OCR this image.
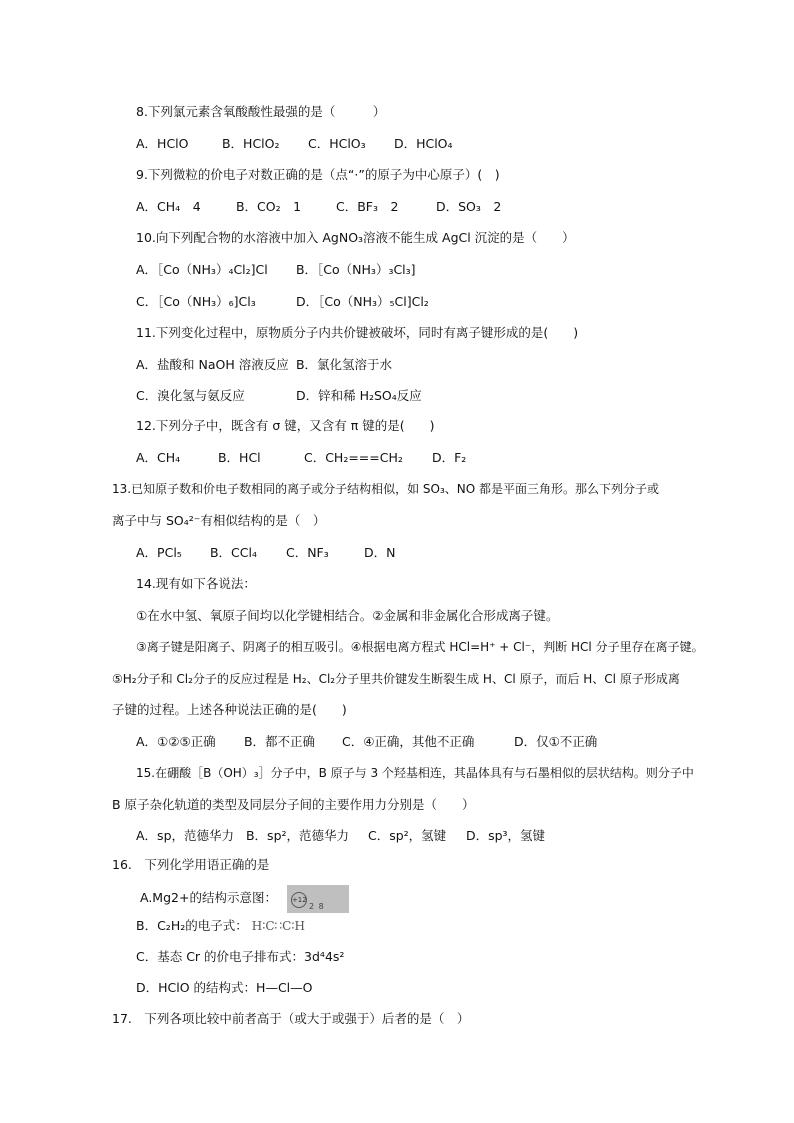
8.下列氯元素含氧酸酸性最强的是（　　　）
A．HClO	B．HClO₂ C．HClO₃ D．HClO₄
9.下列微粒的价电子对数正确的是（点“·”的原子为中心原子）(　)
A．CH₄　4	B．CO₂　1	C．BF₃　2	D．SO₃　2
10.向下列配合物的水溶液中加入 AgNO₃溶液不能生成 AgCl 沉淀的是（　　）
A．［Co（NH₃）₄Cl₂]Cl B．［Co（NH₃）₃Cl₃]
C．［Co（NH₃）₆]Cl₃	D．［Co（NH₃）₅Cl]Cl₂
11.下列变化过程中，原物质分子内共价键被破坏，同时有离子键形成的是(　　)
A．盐酸和 NaOH 溶液反应 B．氯化氢溶于水
C．溴化氢与氨反应	D．锌和稀 H₂SO₄反应
12.下列分子中，既含有 σ 键，又含有 π 键的是(　　)
A．CH₄	B．HCl	C．CH₂===CH₂ D．F₂
13.已知原子数和价电子数相同的离子或分子结构相似，如 SO₃、NO 都是平面三角形。那么下列分子或
离子中与 SO₄²⁻有相似结构的是（　）
A．PCl₅ B．CCl₄ C．NF₃	D．N
14.现有如下各说法：
①在水中氢、氧原子间均以化学键相结合。②金属和非金属化合形成离子键。
③离子键是阳离子、阴离子的相互吸引。④根据电离方程式 HCl=H⁺ + Cl⁻，判断 HCl 分子里存在离子键。
⑤H₂分子和 Cl₂分子的反应过程是 H₂、Cl₂分子里共价键发生断裂生成 H、Cl 原子，而后 H、Cl 原子形成离
子键的过程。上述各种说法正确的是(　　)
A．①②⑤正确 B．都不正确 C．④正确，其他不正确	D．仅①不正确
15.在硼酸［B（OH）₃］分子中，B 原子与 3 个羟基相连，其晶体具有与石墨相似的层状结构。则分子中
B 原子杂化轨道的类型及同层分子间的主要作用力分别是（　　）
A．sp，范德华力 B．sp²，范德华力 C．sp²，氢键 D．sp³，氢键
16.　下列化学用语正确的是
A.Mg2+的结构示意图： +12
2 8
B．C₂H₂的电子式： H∶C∷C∶H
C．基态 Cr 的价电子排布式：3d⁴4s²
D．HClO 的结构式：H—Cl—O
17.　下列各项比较中前者高于（或大于或强于）后者的是（　）
